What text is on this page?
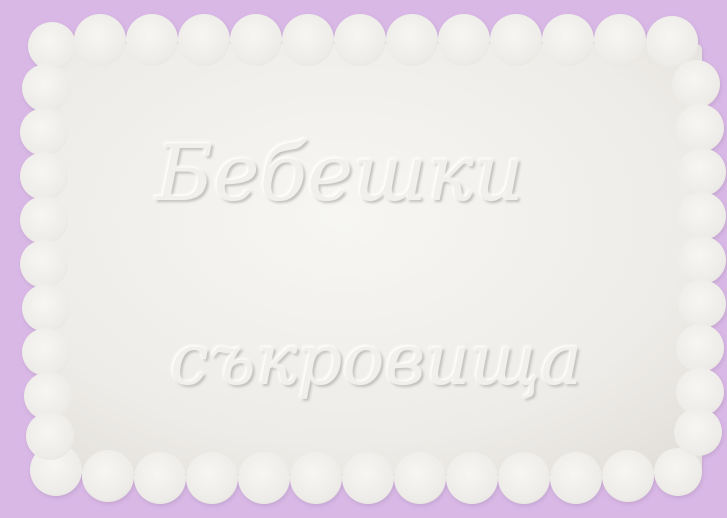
Бебешки
съкровища
